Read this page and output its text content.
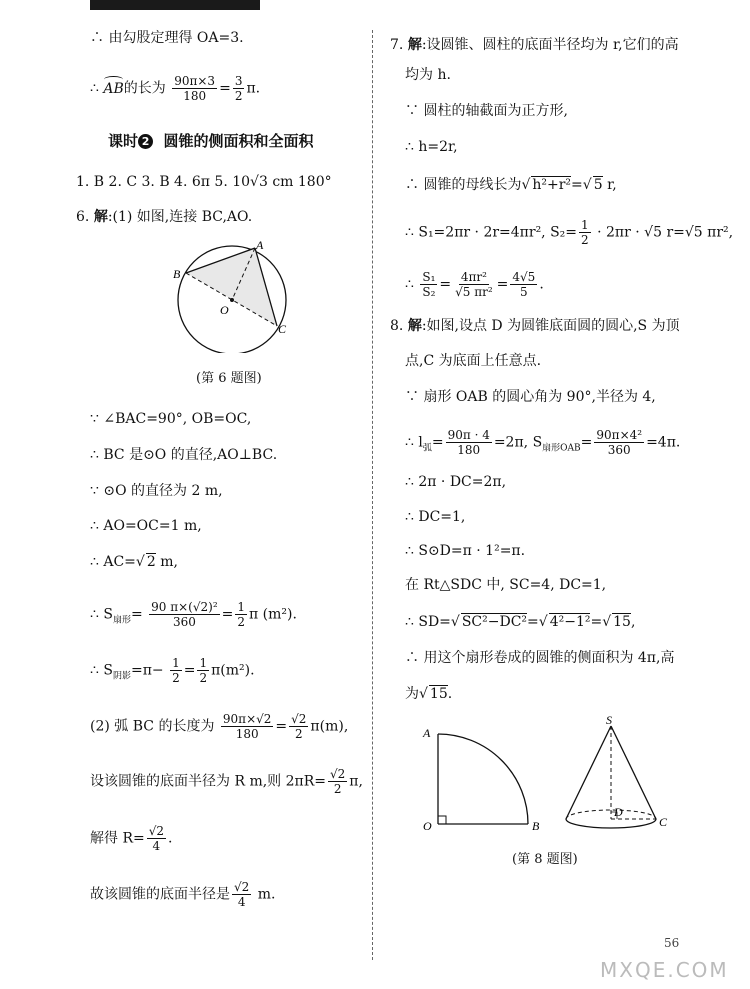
∴ 由勾股定理得 OA=3.
∴ AB的长为 $\frac{90\pi\times 3}{180} = \frac{3}{2} \pi$.
课时 2 圆锥的侧面积和全面积
1. B 2. C 3. B 4. 6π 5. 10√3 cm 180°
6. 解:(1) 如图,连接 BC,AO.
A
B
C
O
(第 6 题图)
∵ ∠BAC=90°, OB=OC,
∴ BC 是⊙O 的直径,AO⊥BC.
∵ ⊙O 的直径为 2 m,
∴ AO=OC=1 m,
∴ AC=√ 2 m,
∴ $S_{扇形}= \frac{\text{90 π×(√2)²}}{360} = \frac{1}{2}$ π (m²).
∴ $S_{阴影}=\pi- \frac{1}{2} = \frac{1}{2} \pi(m^2)$.
(2) 弧 BC 的长度为 $\frac{90\pi\times√2}{180} = \frac{√2}{2} \pi(m)$,
设该圆锥的底面半径为 R m,则 $2\pi R= \frac{√2}{2} \pi$,
解得 $R= \frac{√2}{4}$ .
故该圆锥的底面半径是 $\frac{√2}{4} m$.
7. 解:设圆锥、圆柱的底面半径均为 r,它们的高
均为 h.
∵ 圆柱的轴截面为正方形,
∴ h=2r,
∴ 圆锥的母线长为√ h²+r²=√ 5 r,
∴ S₁=2πr · 2r=4πr², $S_2= \frac{1}{2} \cdot 2\pi r \cdot √5$ r=√5 πr²,
∴ $\frac{\text{S₁}}{\text{S₂}} = \frac{\text{4πr²}}{\text{√5 πr²}} = \frac{4√5}{5}$ .
8. 解:如图,设点 D 为圆锥底面圆的圆心,S 为顶
点,C 为底面上任意点.
∵ 扇形 OAB 的圆心角为 90°,半径为 4,
∴ $l_弧= \frac{90\pi \cdot 4}{180} =2\pi$, $S_{扇形OAB}= \frac{\text{90π×4²}}{360} =4\pi$.
∴ 2π · DC=2π,
∴ DC=1,
∴ S⊙D=π · 1²=π.
在 Rt△SDC 中, SC=4, DC=1,
∴ SD=√ SC²−DC²=√ 4²−1²=√ 15,
∴ 用这个扇形卷成的圆锥的侧面积为 4π,高
为√ 15.
A
O	B
S
D
C
(第 8 题图)
56
MXQE.COM
